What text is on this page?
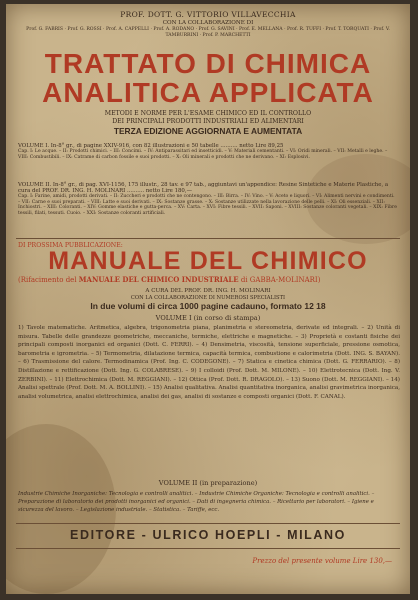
PROF. DOTT. G. VITTORIO VILLAVECCHIA
CON LA COLLABORAZIONE DI
Prof. G. FABRIS · Prof. G. ROSSI · Prof. A. CAPPELLI · Prof. A. RODANO · Prof. G. SAVINI · Prof. E. MELLANA · Prof. R. TUFFI · Prof. T. TORQUATI · Prof. V. TAMBURRINI · Prof. P. MARCHETTI
TRATTATO DI CHIMICA
ANALITICA APPLICATA
METODI E NORME PER L'ESAME CHIMICO ED IL CONTROLLO
DEI PRINCIPALI PRODOTTI INDUSTRIALI ED ALIMENTARI
TERZA EDIZIONE AGGIORNATA E AUMENTATA
VOLUME I. In-8° gr., di pagine XXIV-916, con 82 illustrazioni e 50 tabelle .......... netto Lire 89,25
Cap. I: Le acque. – II: Prodotti chimici. – III: Concimi. – IV: Antiparassitari ed insetticidi. – V: Materiali cementanti. – VI: Oridi minerali. – VII: Metalli e leghe. – VIII: Combustibili. – IX: Catrame di carbon fossile e suoi prodotti. – X: Oli minerali e prodotti che ne derivano. – XI: Esplosivi.
VOLUME II. In-8° gr., di pag. XVI-1156, 175 illustr., 28 tav. e 97 tab., aggiuntavi un'appendice: Resine Sintetiche e Materie Plastiche, a cura del PROF. DR. ING. H. MOLINARI .......... netto Lire 180,—
Cap. I: Farine, amidi, prodotti derivati. – II: Zuccheri e prodotti che ne contengono. – III: Birra. – IV: Vino. – V: Aceto e liquori. – VI: Alimenti nervini e condimenti. – VII: Carne e suoi preparati. – VIII: Latte e suoi derivati. – IX: Sostanze grasse. – X: Sostanze utilizzate nella lavorazione delle pelli. – XI: Oli essenziali. – XII: Inchiostri. – XIII: Coloranti. – XIV: Gomme elastiche e gutta-perca. – XV: Carta. – XVI: Fibre tessili. – XVII: Saponi. – XVIII: Sostanze coloranti vegetali. – XIX: Fibre tessili, filati, tessuti. Cuoio. – XXI: Sostanze coloranti artificiali.
DI PROSSIMA PUBBLICAZIONE:
MANUALE DEL CHIMICO
(Rifacimento del MANUALE DEL CHIMICO INDUSTRIALE di GABBA-MOLINARI)
A CURA DEL PROF. DR. ING. H. MOLINARI
CON LA COLLABORAZIONE DI NUMEROSI SPECIALISTI
In due volumi di circa 1000 pagine cadauno, formato 12 18
VOLUME I (in corso di stampa)
1) Tavole matematiche. Aritmetica, algebra, trigonometria piana, planimetria e stereometria, derivate ed integrali. – 2) Unità di misura. Tabelle delle grandezze geometriche, meccaniche, termiche, elettriche e magnetiche. – 3) Proprietà e costanti fisiche dei principali composti inorganici ed organici (Dott. C. FERRI). – 4) Densimetria, viscosità, tensione superficiale, pressione osmotica, barometria e igrometria. – 5) Termometria, dilatazione termica, capacità termica, combustione e calorimetria (Dott. ING. S. BAYAN). – 6) Trasmissione del calore. Termodinamica (Prof. Ing. C. CODEGONE). – 7) Statica e cinetica chimica (Dott. G. FERRARIO). – 8) Distillazione e rettificazione (Dott. Ing. G. COLABRESE). – 9) I colloidi (Prof. Dott. M. MILONE). – 10) Elettrotecnica (Dott. Ing. V. ZERBINI). – 11) Elettrochimica (Dott. M. REGGIANI). – 12) Ottica (Prof. Dott. R. DRAGOLO). – 13) Suono (Dott. M. REGGIANI). – 14) Analisi spettrale (Prof. Dott. M. A. BOLLINI). – 15) Analisi qualitativa. Analisi quantitativa inorganica, analisi gravimetrica inorganica, analisi volumetrica, analisi elettrochimica, analisi dei gas, analisi di sostanze e composti organici (Dott. F. CANAL).
VOLUME II (in preparazione)
Industrie Chimiche Inorganiche: Tecnologia e controlli analitici. – Industrie Chimiche Organiche: Tecnologia e controlli analitici. – Preparazione di laboratorio dei prodotti inorganici ed organici. – Dati di ingegneria chimica. – Ricettario per laboratori. – Igiene e sicurezza del lavoro. – Legislazione industriale. – Statistica. – Tariffe, ecc.
EDITORE - ULRICO HOEPLI - MILANO
Prezzo del presente volume Lire 130,—
